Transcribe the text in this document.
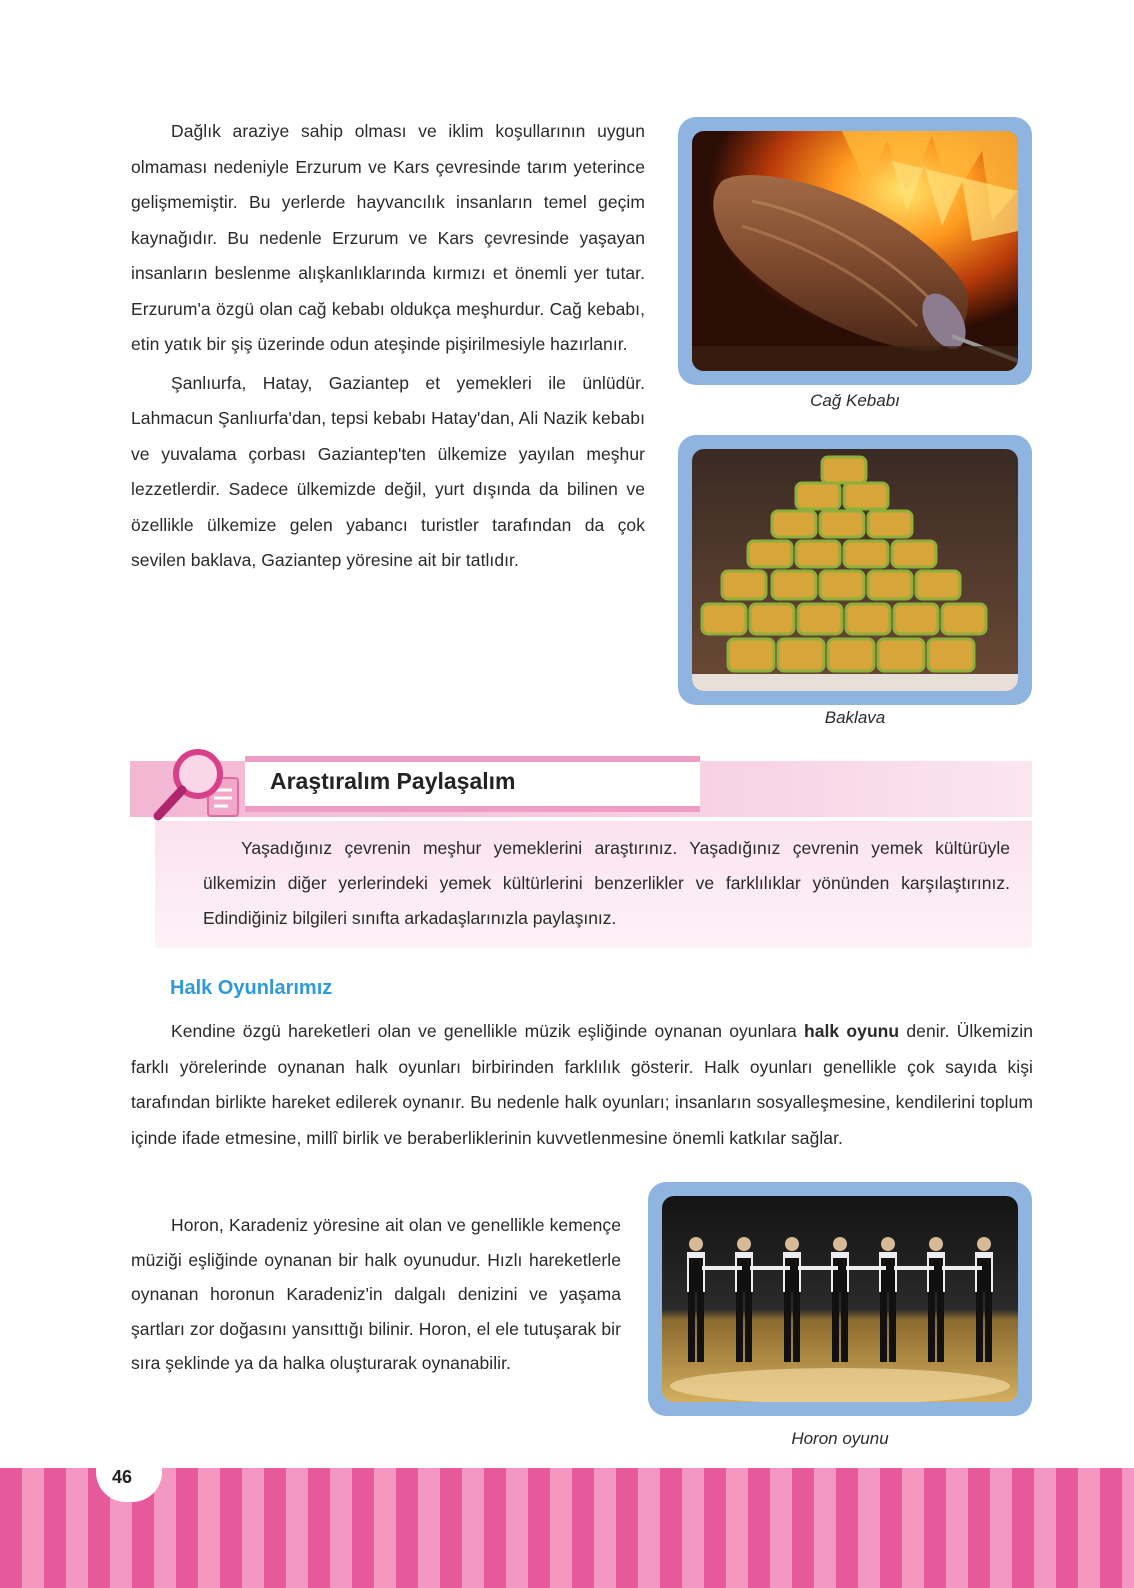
Dağlık araziye sahip olması ve iklim koşullarının uygun olmaması nedeniyle Erzurum ve Kars çevresinde tarım yeterince gelişmemiştir. Bu yerlerde hayvancılık insanların temel geçim kaynağıdır. Bu nedenle Erzurum ve Kars çevresinde yaşayan insanların beslenme alışkanlıklarında kırmızı et önemli yer tutar. Erzurum'a özgü olan cağ kebabı oldukça meşhurdur. Cağ kebabı, etin yatık bir şiş üzerinde odun ateşinde pişirilmesiyle hazırlanır.

Şanlıurfa, Hatay, Gaziantep et yemekleri ile ünlüdür. Lahmacun Şanlıurfa'dan, tepsi kebabı Hatay'dan, Ali Nazik kebabı ve yuvalama çorbası Gaziantep'ten ülkemize yayılan meşhur lezzetlerdir. Sadece ülkemizde değil, yurt dışında da bilinen ve özellikle ülkemize gelen yabancı turistler tarafından da çok sevilen baklava, Gaziantep yöresine ait bir tatlıdır.

Cağ Kebabı
Baklava
Araştıralım Paylaşalım

Yaşadığınız çevrenin meşhur yemeklerini araştırınız. Yaşadığınız çevrenin yemek kültürüyle ülkemizin diğer yerlerindeki yemek kültürlerini benzerlikler ve farklılıklar yönünden karşılaştırınız. Edindiğiniz bilgileri sınıfta arkadaşlarınızla paylaşınız.

Halk Oyunlarımız

Kendine özgü hareketleri olan ve genellikle müzik eşliğinde oynanan oyunlara halk oyunu denir. Ülkemizin farklı yörelerinde oynanan halk oyunları birbirinden farklılık gösterir. Halk oyunları genellikle çok sayıda kişi tarafından birlikte hareket edilerek oynanır. Bu nedenle halk oyunları; insanların sosyalleşmesine, kendilerini toplum içinde ifade etmesine, millî birlik ve beraberliklerinin kuvvetlenmesine önemli katkılar sağlar.

Horon, Karadeniz yöresine ait olan ve genellikle kemençe müziği eşliğinde oynanan bir halk oyunudur. Hızlı hareketlerle oynanan horonun Karadeniz'in dalgalı denizini ve yaşama şartları zor doğasını yansıttığı bilinir. Horon, el ele tutuşarak bir sıra şeklinde ya da halka oluşturarak oynanabilir.

Horon oyunu
46
